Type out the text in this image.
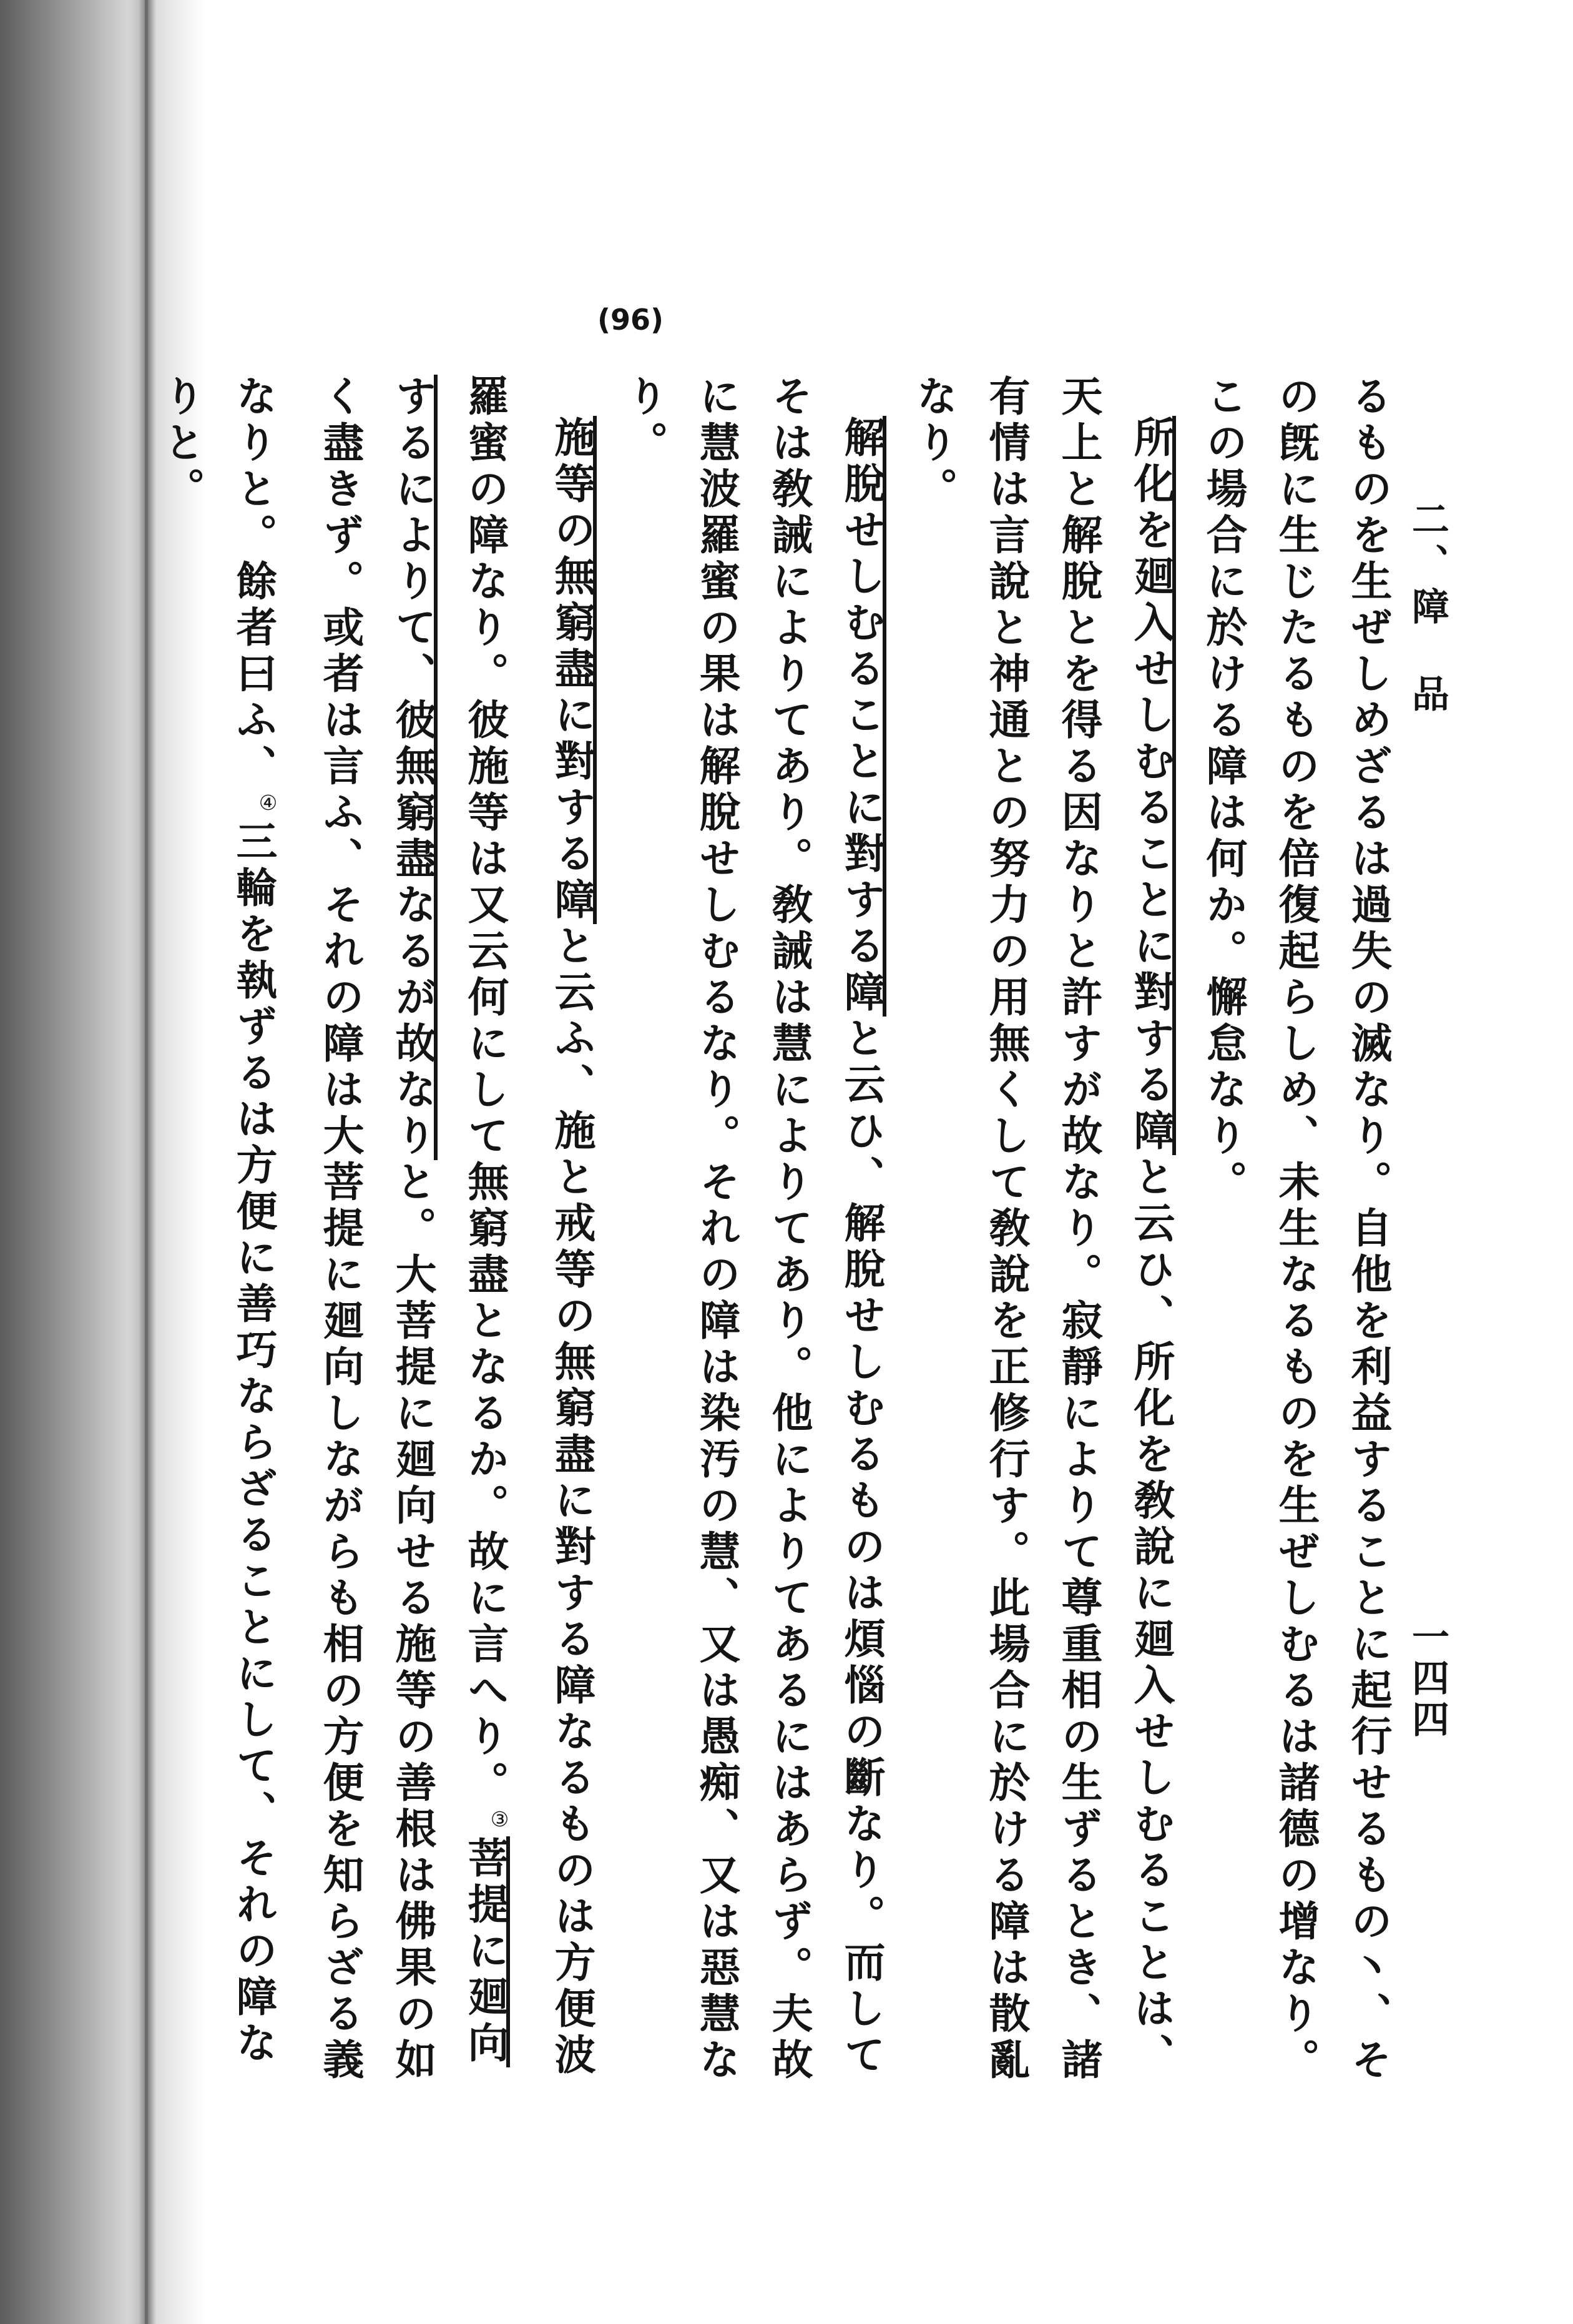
二、障　品
一四四
(96)

るものを生ぜしめざるは過失の滅なり。自他を利益することに起行せるもの丶、その旣に生じたるものを倍復起らしめ、未生なるものを生ぜしむるは諸德の增なり。この場合に於ける障は何か。懈怠なり。

所化を廻入せしむることに對する障と云ひ、所化を敎說に廻入せしむることは、天上と解脫とを得る因なりと許すが故なり。寂靜によりて尊重相の生ずるとき、諸有情は言說と神通との努力の用無くして敎說を正修行す。此場合に於ける障は散亂なり。

解脫せしむることに對する障と云ひ、解脫せしむるものは煩惱の斷なり。而してそは敎誡によりてあり。敎誡は慧によりてあり。他によりてあるにはあらず。夫故に慧波羅蜜の果は解脫せしむるなり。それの障は染汚の慧、又は愚痴、又は惡慧なり。

施等の無窮盡に對する障と云ふ、施と戒等の無窮盡に對する障なるものは方便波羅蜜の障なり。彼施等は又云何にして無窮盡となるか。故に言へり。③菩提に廻向するによりて、彼無窮盡なるが故なりと。大菩提に廻向せる施等の善根は佛果の如く盡きず。或者は言ふ、それの障は大菩提に廻向しながらも相の方便を知らざる義なりと。餘者曰ふ、④三輪を執ずるは方便に善巧ならざることにして、それの障なりと。
